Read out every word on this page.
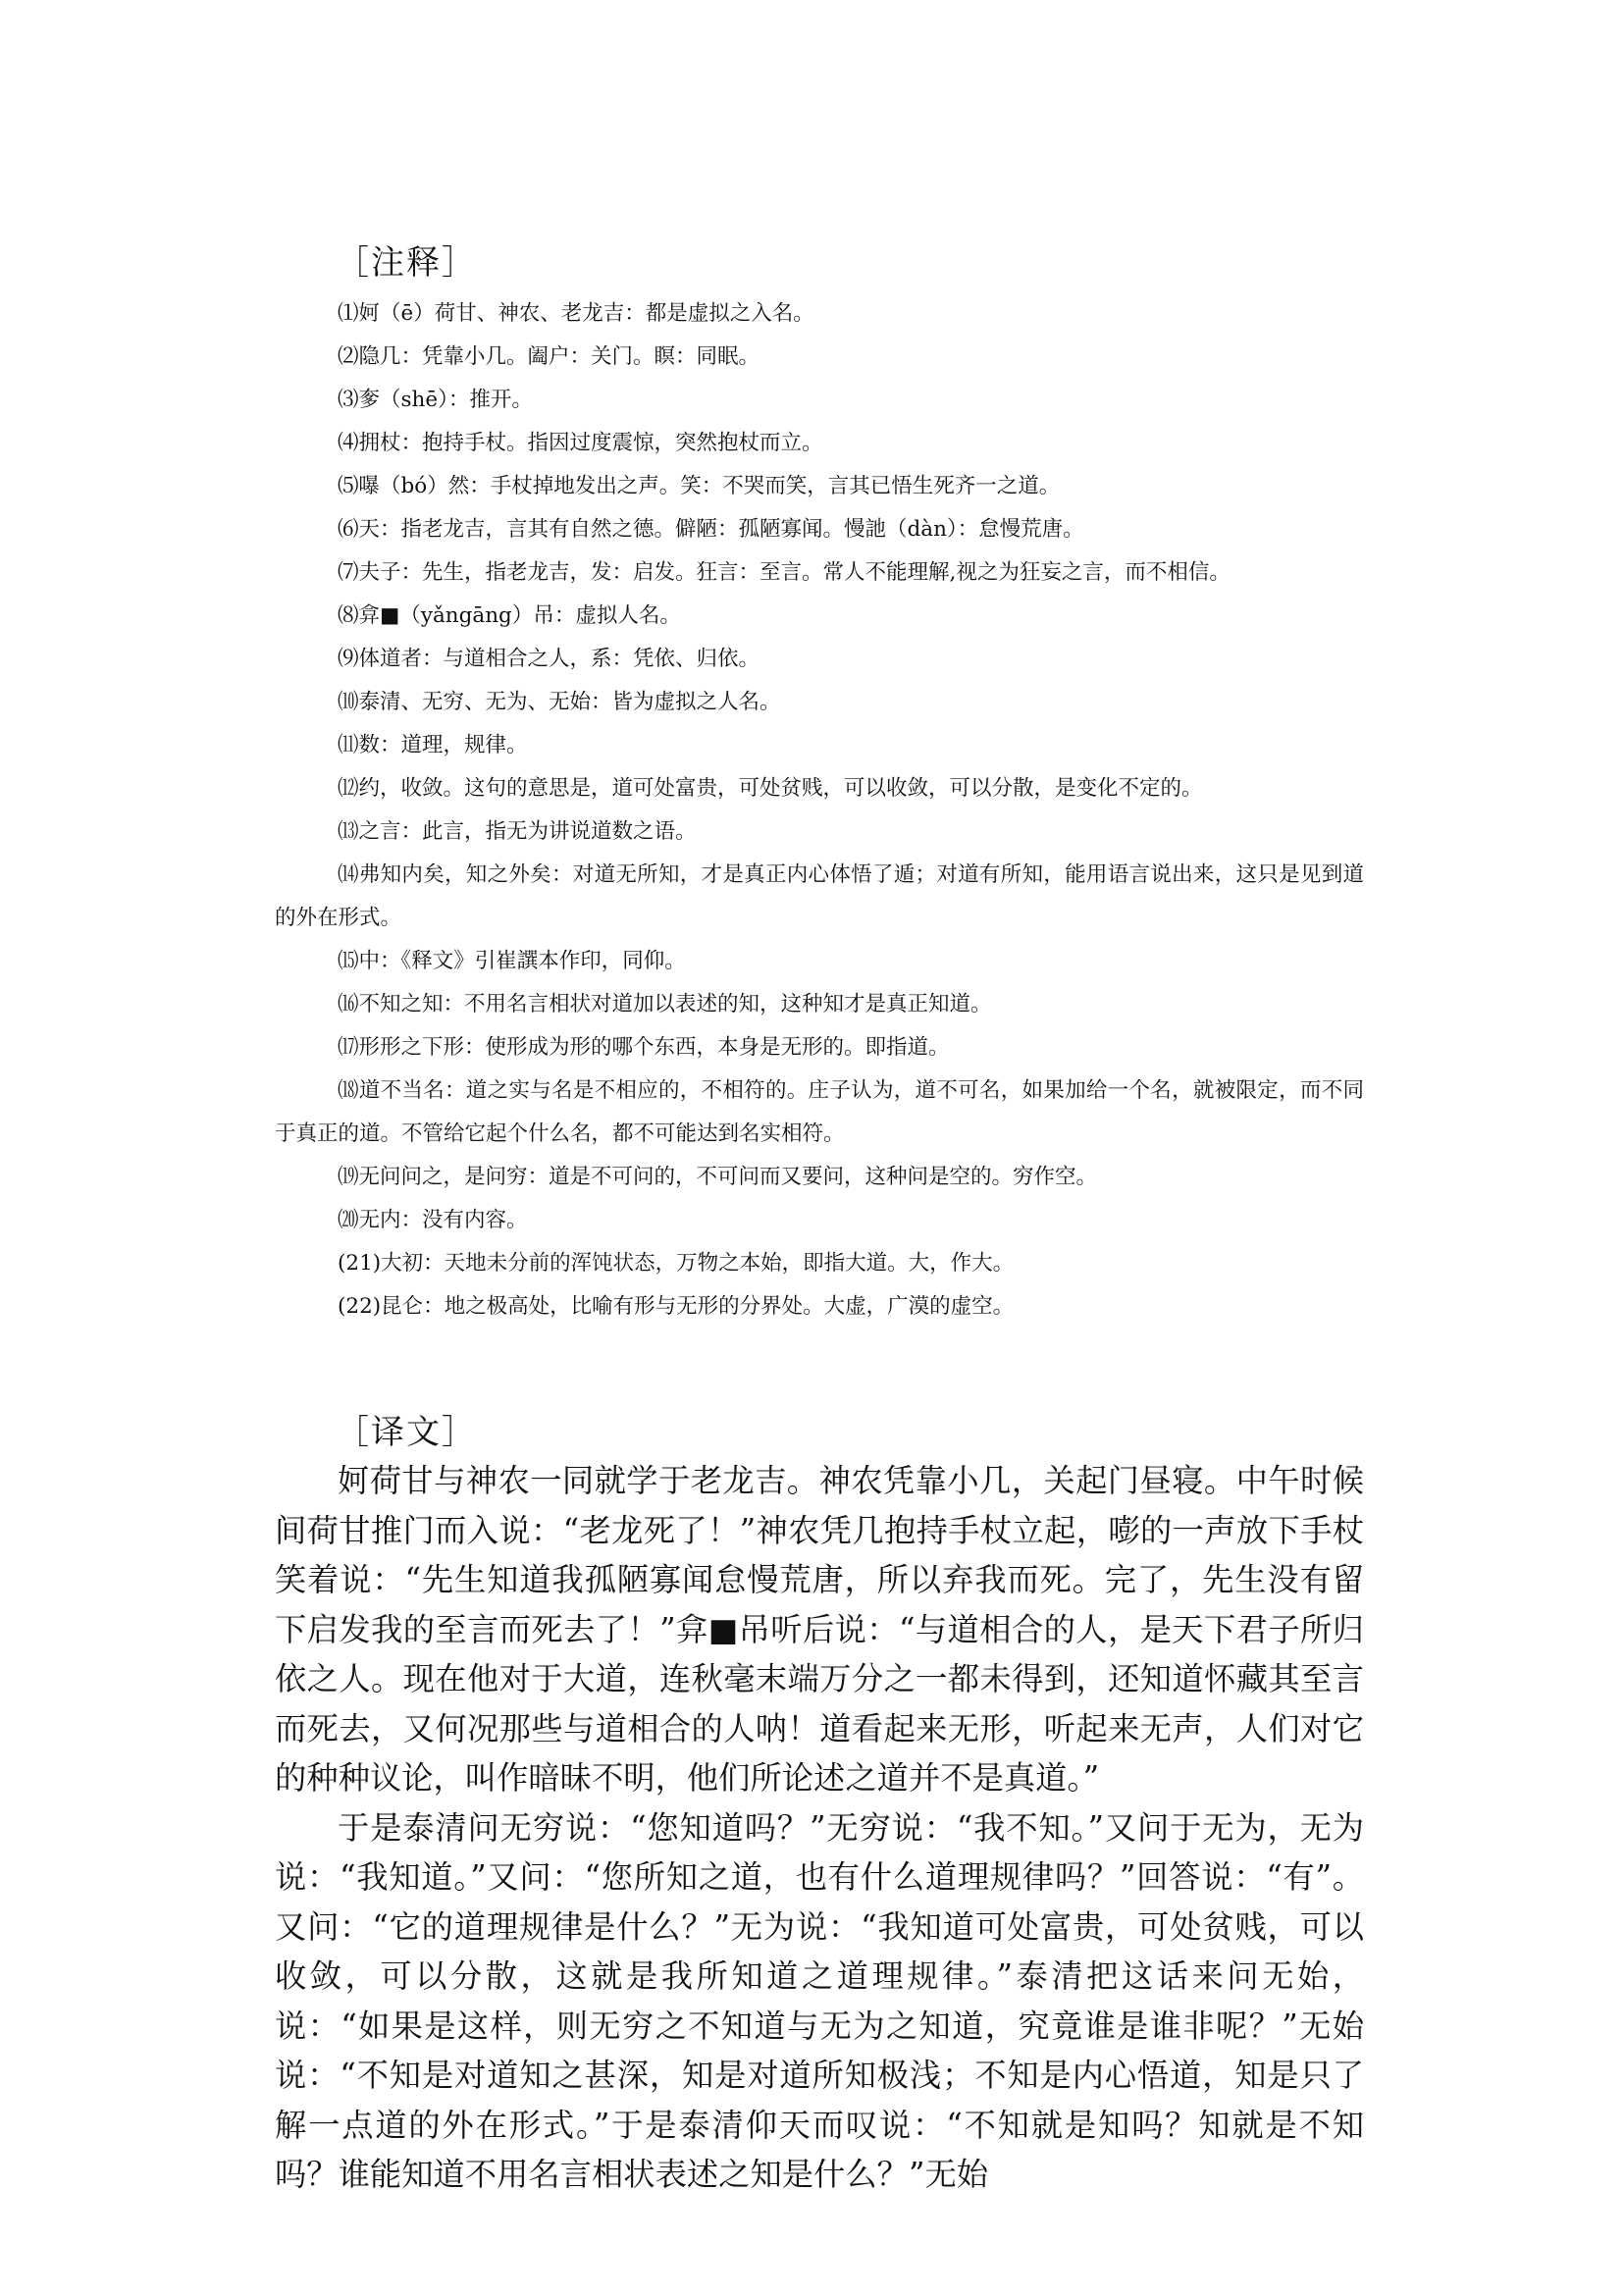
［注释］

⑴妸（ē）荷甘、神农、老龙吉：都是虚拟之入名。

⑵隐几：凭靠小几。阖户：关门。瞑：同眠。

⑶奓（shē）：推开。

⑷拥杖：抱持手杖。指因过度震惊，突然抱杖而立。

⑸嚗（bó）然：手杖掉地发出之声。笑：不哭而笑，言其已悟生死齐一之道。

⑹天：指老龙吉，言其有自然之德。僻陋：孤陋寡闻。慢訑（dàn）：怠慢荒唐。

⑺夫子：先生，指老龙吉，发：启发。狂言：至言。常人不能理解,视之为狂妄之言，而不相信。

⑻弇■（yǎngāng）吊：虚拟人名。

⑼体道者：与道相合之人，系：凭依、归依。

⑽泰清、无穷、无为、无始：皆为虚拟之人名。

⑾数：道理，规律。

⑿约，收敛。这句的意思是，道可处富贵，可处贫贱，可以收敛，可以分散，是变化不定的。

⒀之言：此言，指无为讲说道数之语。

⒁弗知内矣，知之外矣：对道无所知，才是真正内心体悟了遁；对道有所知，能用语言说出来，这只是见到道的外在形式。

⒂中：《释文》引崔譔本作印，同仰。

⒃不知之知：不用名言相状对道加以表述的知，这种知才是真正知道。

⒄形形之下形：使形成为形的哪个东西，本身是无形的。即指道。

⒅道不当名：道之实与名是不相应的，不相符的。庄子认为，道不可名，如果加给一个名，就被限定，而不同于真正的道。不管给它起个什么名，都不可能达到名实相符。

⒆无问问之，是问穷：道是不可问的，不可问而又要问，这种问是空的。穷作空。

⒇无内：没有内容。

(21)大初：天地未分前的浑饨状态，万物之本始，即指大道。大，作大。

(22)昆仑：地之极高处，比喻有形与无形的分界处。大虚，广漠的虚空。

［译文］

妸荷甘与神农一同就学于老龙吉。神农凭靠小几，关起门昼寝。中午时候间荷甘推门而入说：“老龙死了！”神农凭几抱持手杖立起，嘭的一声放下手杖笑着说：“先生知道我孤陋寡闻怠慢荒唐，所以弃我而死。完了，先生没有留下启发我的至言而死去了！”弇■吊听后说：“与道相合的人，是天下君子所归依之人。现在他对于大道，连秋毫末端万分之一都未得到，还知道怀藏其至言而死去，又何况那些与道相合的人呐！道看起来无形，听起来无声，人们对它的种种议论，叫作暗昧不明，他们所论述之道并不是真道。”

于是泰清问无穷说：“您知道吗？”无穷说：“我不知。”又问于无为，无为说：“我知道。”又问：“您所知之道，也有什么道理规律吗？”回答说：“有”。又问：“它的道理规律是什么？”无为说：“我知道可处富贵，可处贫贱，可以收敛，可以分散，这就是我所知道之道理规律。”泰清把这话来问无始，说：“如果是这样，则无穷之不知道与无为之知道，究竟谁是谁非呢？”无始说：“不知是对道知之甚深，知是对道所知极浅；不知是内心悟道，知是只了解一点道的外在形式。”于是泰清仰天而叹说：“不知就是知吗？知就是不知吗？谁能知道不用名言相状表述之知是什么？”无始
